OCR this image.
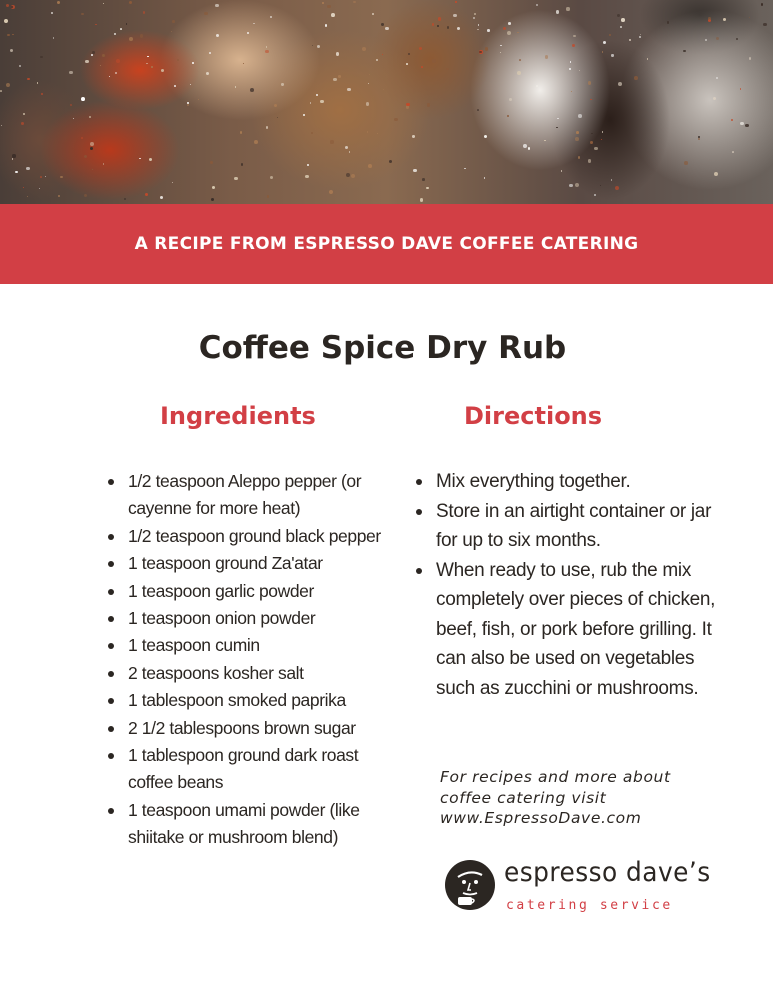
A RECIPE FROM ESPRESSO DAVE COFFEE CATERING
Coffee Spice Dry Rub
Ingredients	Directions
1/2 teaspoon Aleppo pepper (or cayenne for more heat)
1/2 teaspoon ground black pepper
1 teaspoon ground Za'atar
1 teaspoon garlic powder
1 teaspoon onion powder
1 teaspoon cumin
2 teaspoons kosher salt
1 tablespoon smoked paprika
2 1/2 tablespoons brown sugar
1 tablespoon ground dark roast coffee beans
1 teaspoon umami powder (like shiitake or mushroom blend)
Mix everything together.
Store in an airtight container or jar for up to six months.
When ready to use, rub the mix completely over pieces of chicken, beef, fish, or pork before grilling. It can also be used on vegetables such as zucchini or mushrooms.
For recipes and more about
coffee catering visit
www.EspressoDave.com
espresso dave’s
catering service
